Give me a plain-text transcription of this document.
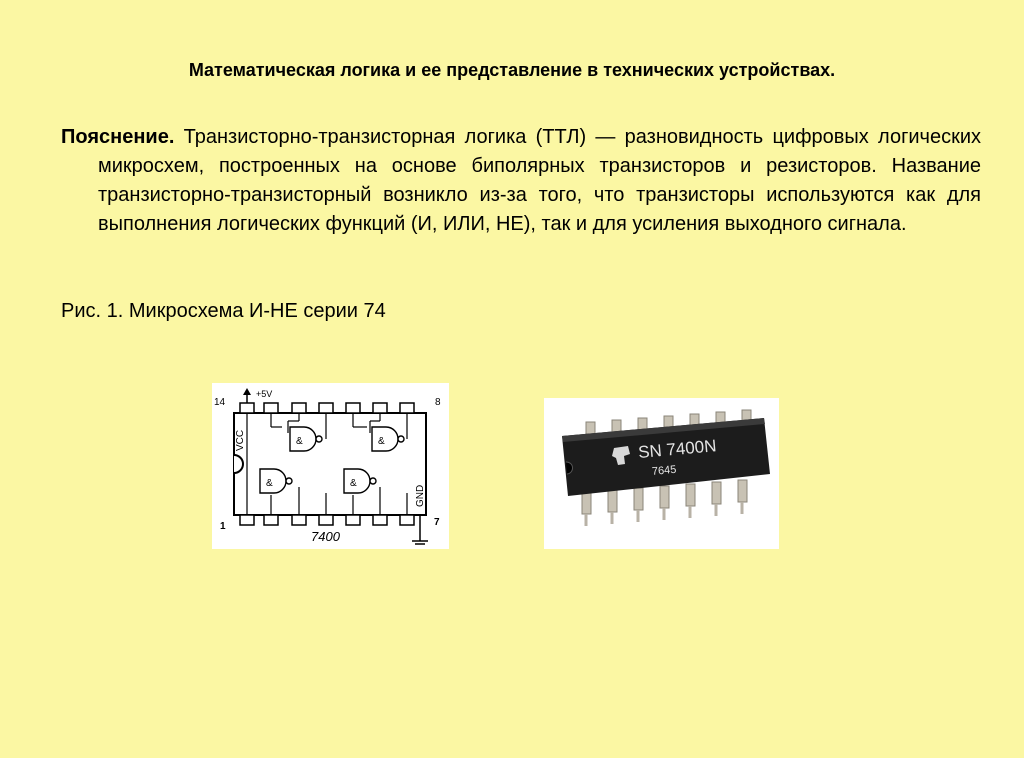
Математическая логика и ее представление в технических устройствах.
Пояснение. Транзисторно-транзисторная логика (ТТЛ) — разновидность цифровых логических микросхем, построенных на основе биполярных транзисторов и резисторов. Название транзисторно-транзисторный возникло из-за того, что транзисторы используются как для выполнения логических функций (И, ИЛИ, НЕ), так и для усиления выходного сигнала.
Рис. 1. Микросхема И-НЕ серии 74
+5V
14	8
1	7
VCC
GND
&	&
&	&
7400
SN 7400N
7645
